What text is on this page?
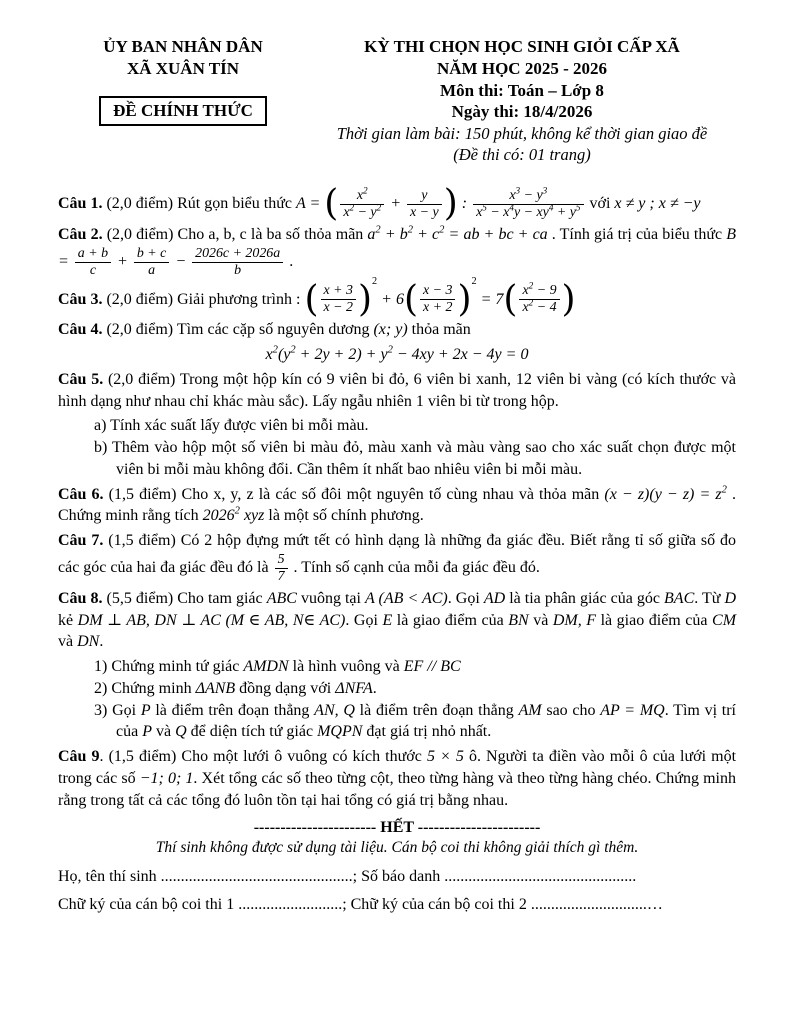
ỦY BAN NHÂN DÂN
XÃ XUÂN TÍN
ĐỀ CHÍNH THỨC
KỲ THI CHỌN HỌC SINH GIỎI CẤP XÃ
NĂM HỌC 2025 - 2026
Môn thi: Toán – Lớp 8
Ngày thi: 18/4/2026
Thời gian làm bài: 150 phút, không kể thời gian giao đề
(Đề thi có: 01 trang)
Câu 1. (2,0 điểm) Rút gọn biểu thức A = ( $\frac{x^2}{x^2 - y^2} + \frac{y}{x - y}$ ) : $\frac{x^3 - y^3}{x^5 - x^4y - xy^4 + y^5}$ với x ≠ y ; x ≠ −y
Câu 2. (2,0 điểm) Cho a, b, c là ba số thỏa mãn $a^2 + b^2 + c^2$ = ab + bc + ca . Tính giá trị của biểu thức $B = \frac{a + b}{c} + \frac{b + c}{a} - \frac{2026c + 2026a}{b}$ .
Câu 3. (2,0 điểm) Giải phương trình : ( $\frac{x + 3}{x - 2} )^2 + 6( \frac{x - 3}{x + 2} )^2 = 7( \frac{x^2 - 9}{x^2 - 4}$ )
Câu 4. (2,0 điểm) Tìm các cặp số nguyên dương (x; y) thỏa mãn
$x^2(y^2 + 2y + 2) + y^2 - 4xy + 2x - 4y = 0$
Câu 5. (2,0 điểm) Trong một hộp kín có 9 viên bi đỏ, 6 viên bi xanh, 12 viên bi vàng (có kích thước và hình dạng như nhau chỉ khác màu sắc). Lấy ngẫu nhiên 1 viên bi từ trong hộp.
a) Tính xác suất lấy được viên bi mỗi màu.
b) Thêm vào hộp một số viên bi màu đỏ, màu xanh và màu vàng sao cho xác suất chọn được một viên bi mỗi màu không đổi. Cần thêm ít nhất bao nhiêu viên bi mỗi màu.
Câu 6. (1,5 điểm) Cho x, y, z là các số đôi một nguyên tố cùng nhau và thỏa mãn $(x - z)(y - z) = z^2$ . Chứng minh rằng tích 2026$^2$ xyz là một số chính phương.
Câu 7. (1,5 điểm) Có 2 hộp đựng mứt tết có hình dạng là những đa giác đều. Biết rằng tỉ số giữa số đo các góc của hai đa giác đều đó là $\frac{5}{7}$ . Tính số cạnh của mỗi đa giác đều đó.
Câu 8. (5,5 điểm) Cho tam giác ABC vuông tại A (AB < AC). Gọi AD là tia phân giác của góc BAC. Từ D kẻ DM ⊥ AB, DN ⊥ AC (M ∈ AB, N∈ AC). Gọi E là giao điểm của BN và DM, F là giao điểm của CM và DN.
1) Chứng minh tứ giác AMDN là hình vuông và EF // BC
2) Chứng minh ΔANB đồng dạng với ΔNFA.
3) Gọi P là điểm trên đoạn thẳng AN, Q là điểm trên đoạn thẳng AM sao cho AP = MQ. Tìm vị trí của P và Q để diện tích tứ giác MQPN đạt giá trị nhỏ nhất.
Câu 9. (1,5 điểm) Cho một lưới ô vuông có kích thước 5 × 5 ô. Người ta điền vào mỗi ô của lưới một trong các số −1; 0; 1. Xét tổng các số theo từng cột, theo từng hàng và theo từng hàng chéo. Chứng minh rằng trong tất cả các tổng đó luôn tồn tại hai tổng có giá trị bằng nhau.
----------------------- HẾT -----------------------
Thí sinh không được sử dụng tài liệu. Cán bộ coi thi không giải thích gì thêm.
Họ, tên thí sinh ................................................; Số báo danh ................................................
Chữ ký của cán bộ coi thi 1 ..........................; Chữ ký của cán bộ coi thi 2 .............................…
